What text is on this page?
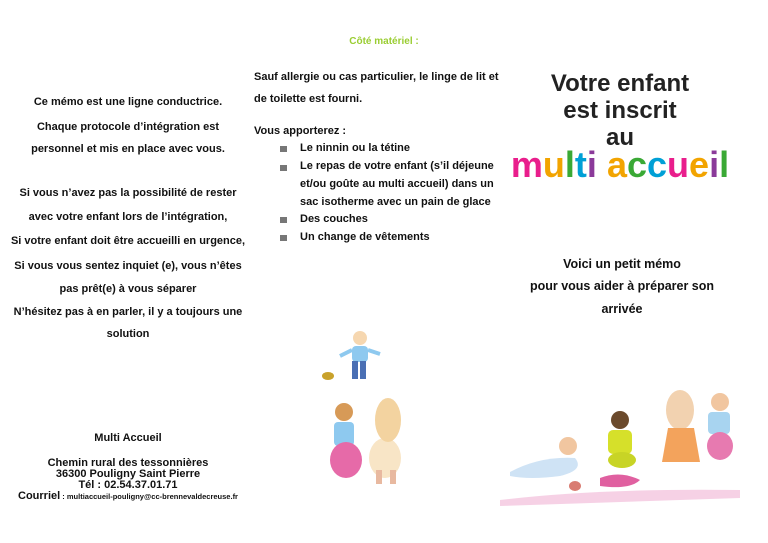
Ce mémo est une ligne conductrice.
Chaque protocole d’intégration est
personnel et mis en place avec vous.
Si vous n’avez pas la possibilité de rester
avec votre enfant lors de l’intégration,
Si votre enfant doit être accueilli en urgence,
Si vous vous sentez inquiet (e), vous n’êtes
pas prêt(e) à vous séparer
N’hésitez pas à en parler, il y a toujours une
solution
Multi Accueil
Chemin rural des tessonnières
36300 Pouligny Saint Pierre
Tél : 02.54.37.01.71
Courriel : multiaccueil-pouligny@cc-brennevaldecreuse.fr
Côté matériel :
Sauf allergie ou cas particulier, le linge de lit et
de toilette est fourni.
Vous apporterez :
Le ninnin ou la tétine
Le repas de votre enfant (s’il déjeune
et/ou goûte au multi accueil) dans un
sac isotherme avec un pain de glace
Des couches
Un change de vêtements
Votre enfant
est inscrit
au
multi accueil
Voici un petit mémo
pour vous aider à préparer son
arrivée
